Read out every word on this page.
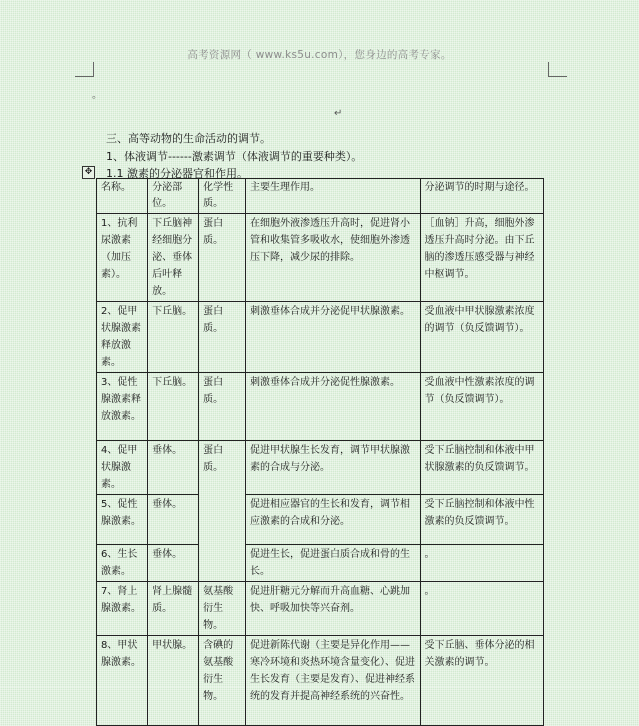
高考资源网（ www.ks5u.com），您身边的高考专家。
。
↵
三、高等动物的生命活动的调节。
1、体液调节------激素调节（体液调节的重要种类）。
✥ 1.1 激素的分泌器官和作用。
名称。	分泌部位。	化学性质。	主要生理作用。	分泌调节的时期与途径。
1、抗利尿激素（加压素）。	下丘脑神经细胞分泌、垂体后叶释放。	蛋白质。	在细胞外液渗透压升高时，促进肾小管和收集管多吸收水，使细胞外渗透压下降，减少尿的排除。	［血钠］升高，细胞外渗透压升高时分泌。由下丘脑的渗透压感受器与神经中枢调节。
2、促甲状腺激素释放激素。	下丘脑。	蛋白质。	刺激垂体合成并分泌促甲状腺激素。	受血液中甲状腺激素浓度的调节（负反馈调节）。
3、促性腺激素释放激素。	下丘脑。	蛋白质。	刺激垂体合成并分泌促性腺激素。	受血液中性激素浓度的调节（负反馈调节）。
4、促甲状腺激素。	垂体。	蛋白质。	促进甲状腺生长发育，调节甲状腺激素的合成与分泌。	受下丘脑控制和体液中甲状腺激素的负反馈调节。
5、促性腺激素。	垂体。		促进相应器官的生长和发育，调节相应激素的合成和分泌。	受下丘脑控制和体液中性激素的负反馈调节。
6、生长激素。	垂体。		促进生长，促进蛋白质合成和骨的生长。	。
7、肾上腺激素。	肾上腺髓质。	氨基酸衍生物。	促进肝糖元分解而升高血糖、心跳加快、呼吸加快等兴奋剂。	。
8、甲状腺激素。	甲状腺。	含碘的氨基酸衍生物。	促进新陈代谢（主要是异化作用——寒冷环境和炎热环境含量变化）、促进生长发育（主要是发育）、促进神经系统的发育并提高神经系统的兴奋性。	受下丘脑、垂体分泌的相关激素的调节。
